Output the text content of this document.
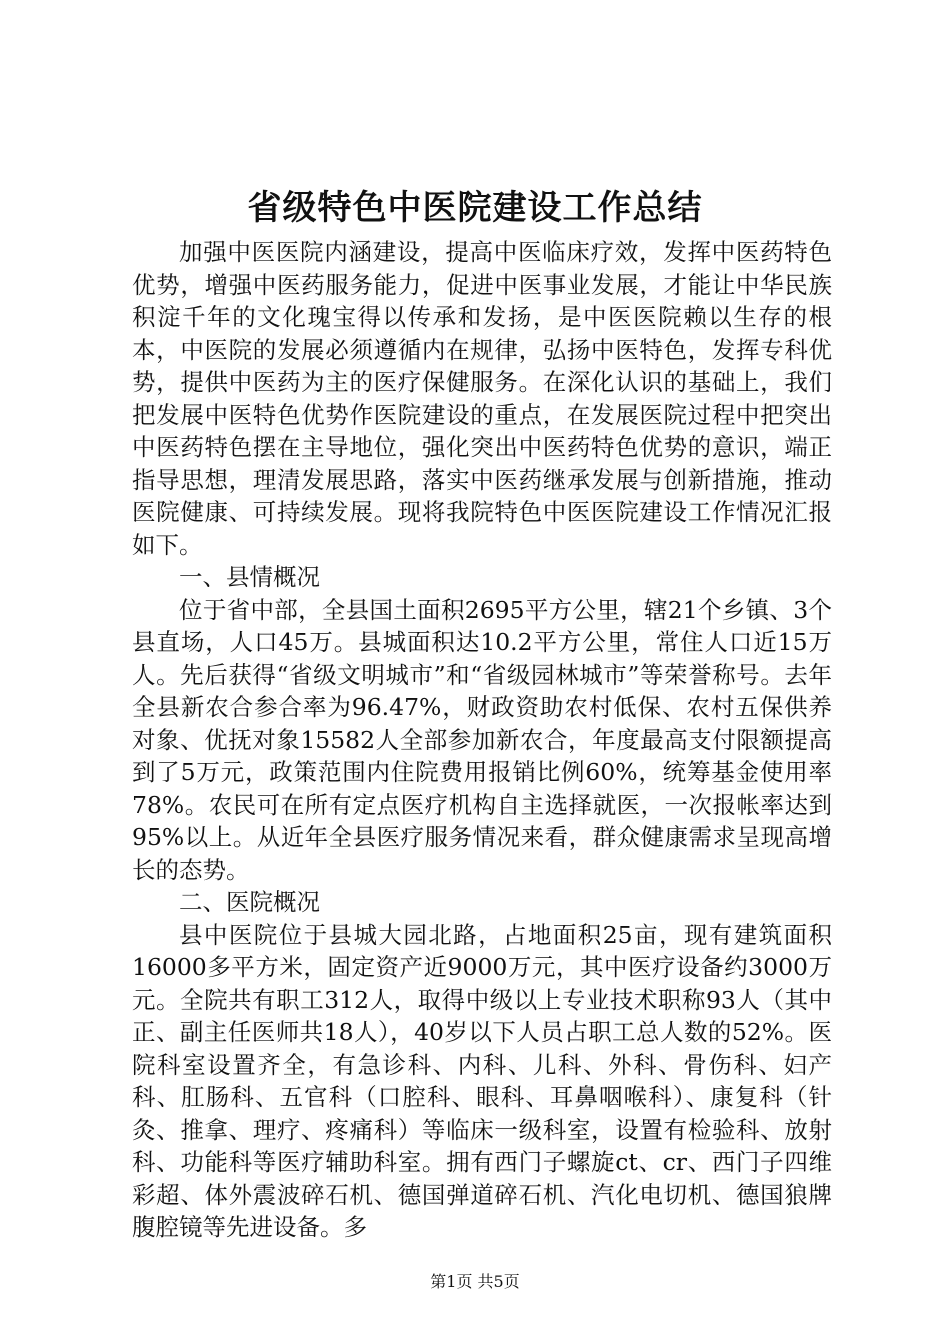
省级特色中医院建设工作总结

加强中医医院内涵建设，提高中医临床疗效，发挥中医药特色优势，增强中医药服务能力，促进中医事业发展，才能让中华民族积淀千年的文化瑰宝得以传承和发扬，是中医医院赖以生存的根本，中医院的发展必须遵循内在规律，弘扬中医特色，发挥专科优势，提供中医药为主的医疗保健服务。在深化认识的基础上，我们把发展中医特色优势作医院建设的重点，在发展医院过程中把突出中医药特色摆在主导地位，强化突出中医药特色优势的意识，端正指导思想，理清发展思路，落实中医药继承发展与创新措施，推动医院健康、可持续发展。现将我院特色中医医院建设工作情况汇报如下。

一、县情概况

位于省中部，全县国土面积2695平方公里，辖21个乡镇、3个县直场，人口45万。县城面积达10.2平方公里，常住人口近15万人。先后获得“省级文明城市”和“省级园林城市”等荣誉称号。去年全县新农合参合率为96.47%，财政资助农村低保、农村五保供养对象、优抚对象15582人全部参加新农合，年度最高支付限额提高到了5万元，政策范围内住院费用报销比例60%，统筹基金使用率78%。农民可在所有定点医疗机构自主选择就医，一次报帐率达到95%以上。从近年全县医疗服务情况来看，群众健康需求呈现高增长的态势。

二、医院概况

县中医院位于县城大园北路，占地面积25亩，现有建筑面积16000多平方米，固定资产近9000万元，其中医疗设备约3000万元。全院共有职工312人，取得中级以上专业技术职称93人（其中正、副主任医师共18人），40岁以下人员占职工总人数的52%。医院科室设置齐全，有急诊科、内科、儿科、外科、骨伤科、妇产科、肛肠科、五官科（口腔科、眼科、耳鼻咽喉科）、康复科（针灸、推拿、理疗、疼痛科）等临床一级科室，设置有检验科、放射科、功能科等医疗辅助科室。拥有西门子螺旋ct、cr、西门子四维彩超、体外震波碎石机、德国弹道碎石机、汽化电切机、德国狼牌腹腔镜等先进设备。多

第1页 共5页
